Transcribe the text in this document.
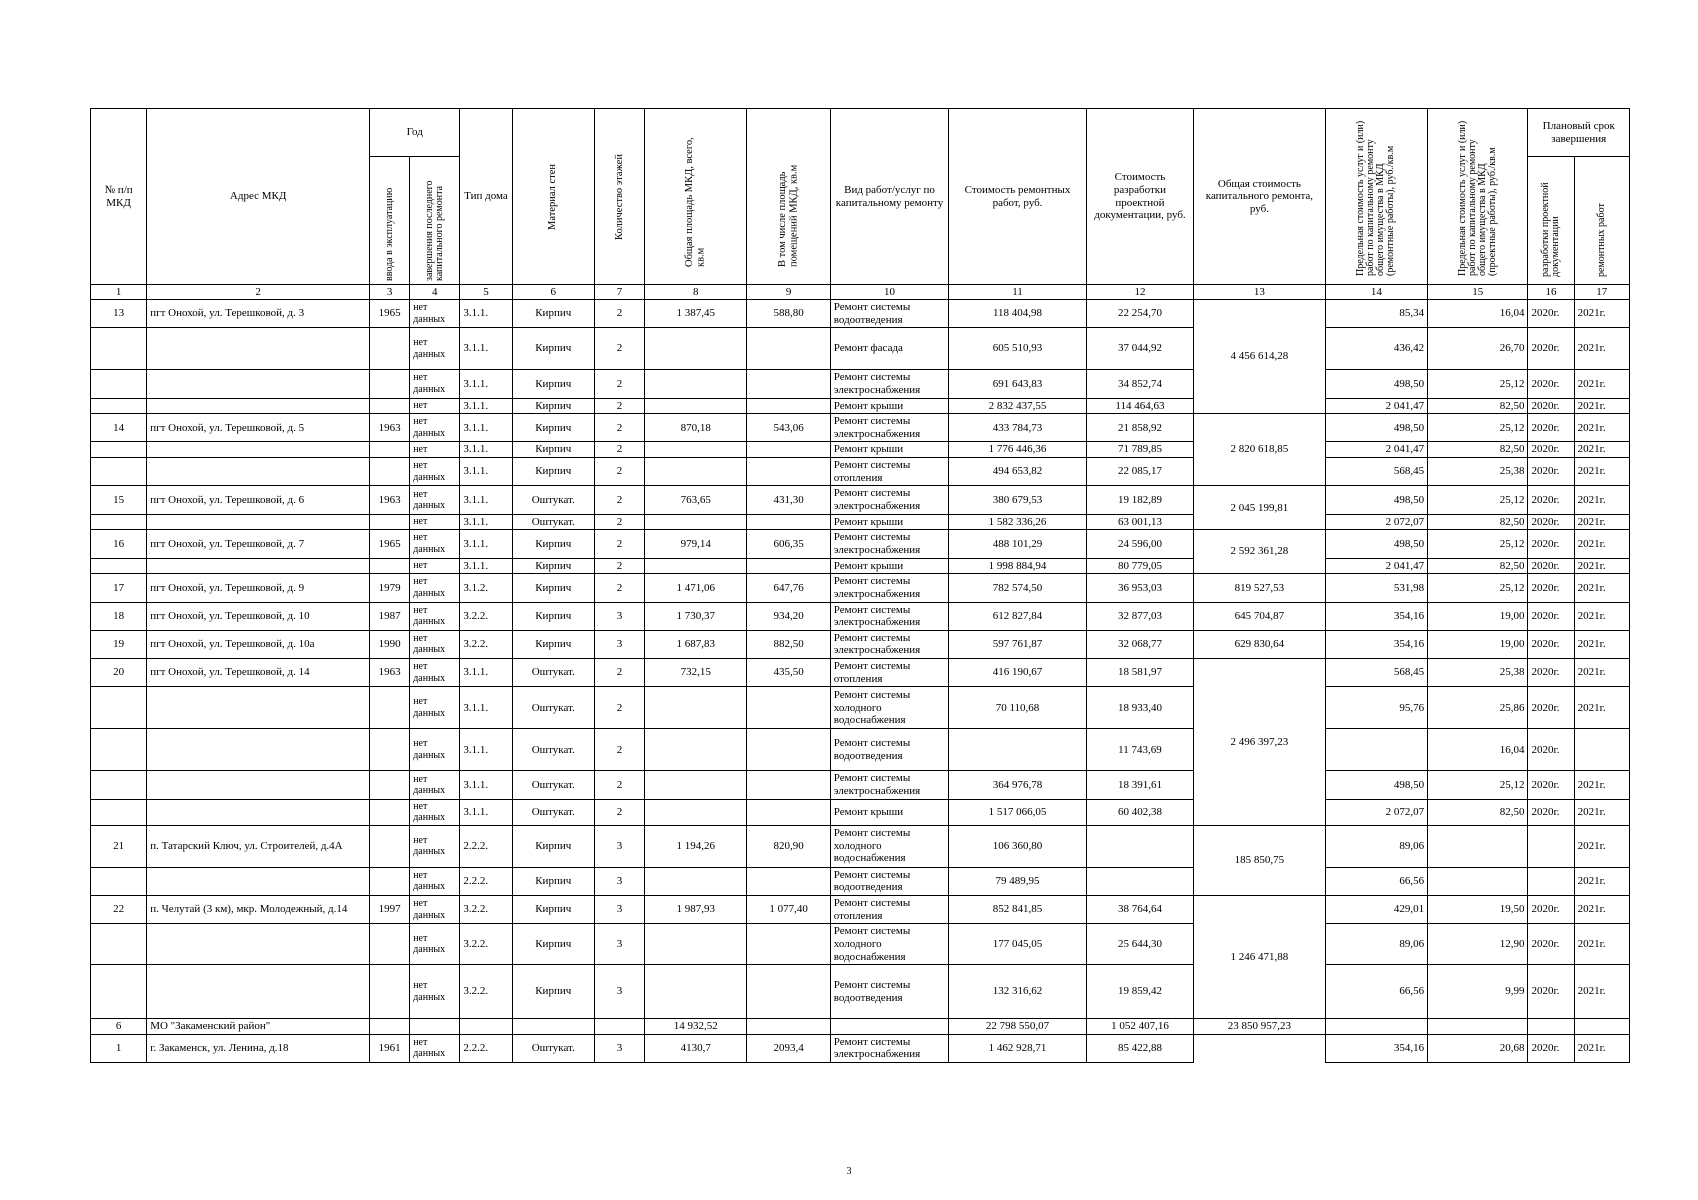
№ п/п МКД	Адрес МКД	Год		Тип дома	Материал стен	Количество этажей	Общая площадь МКД, всего, кв.м	В том числе площадь помещений МКД, кв.м	Вид работ/услуг по капитальному ремонту	Стоимость ремонтных работ, руб.	Стоимость разработки проектной документации, руб.	Общая стоимость капитального ремонта, руб.	Предельная стоимость услуг и (или) работ по капитальному ремонту общего имущества в МКД (ремонтные работы), руб./кв.м	Предельная стоимость услуг и (или) работ по капитальному ремонту общего имущества в МКД (проектные работы), руб./кв.м	Плановый срок завершения	

		ввода в эксплуатацию	завершения последнего капитального ремонта												разработки проектной документации	ремонтных работ

1	2	3	4	5	6	7	8	9	10	11	12	13	14	15	16	17
13	пгт Онохой, ул. Терешковой, д. 3	1965	нет данных	3.1.1.	Кирпич	2	1 387,45	588,80	Ремонт системы водоотведения	118 404,98	22 254,70	4 456 614,28	85,34	16,04	2020г.	2021г.
			нет данных	3.1.1.	Кирпич	2			Ремонт фасада	605 510,93	37 044,92		436,42	26,70	2020г.	2021г.
			нет данных	3.1.1.	Кирпич	2			Ремонт системы электроснабжения	691 643,83	34 852,74		498,50	25,12	2020г.	2021г.
			нет	3.1.1.	Кирпич	2			Ремонт крыши	2 832 437,55	114 464,63		2 041,47	82,50	2020г.	2021г.
14	пгт Онохой, ул. Терешковой, д. 5	1963	нет данных	3.1.1.	Кирпич	2	870,18	543,06	Ремонт системы электроснабжения	433 784,73	21 858,92	2 820 618,85	498,50	25,12	2020г.	2021г.
			нет	3.1.1.	Кирпич	2			Ремонт крыши	1 776 446,36	71 789,85		2 041,47	82,50	2020г.	2021г.
			нет данных	3.1.1.	Кирпич	2			Ремонт системы отопления	494 653,82	22 085,17		568,45	25,38	2020г.	2021г.
15	пгт Онохой, ул. Терешковой, д. 6	1963	нет данных	3.1.1.	Оштукат.	2	763,65	431,30	Ремонт системы электроснабжения	380 679,53	19 182,89	2 045 199,81	498,50	25,12	2020г.	2021г.
			нет	3.1.1.	Оштукат.	2			Ремонт крыши	1 582 336,26	63 001,13		2 072,07	82,50	2020г.	2021г.
16	пгт Онохой, ул. Терешковой, д. 7	1965	нет данных	3.1.1.	Кирпич	2	979,14	606,35	Ремонт системы электроснабжения	488 101,29	24 596,00	2 592 361,28	498,50	25,12	2020г.	2021г.
			нет	3.1.1.	Кирпич	2			Ремонт крыши	1 998 884,94	80 779,05		2 041,47	82,50	2020г.	2021г.
17	пгт Онохой, ул. Терешковой, д. 9	1979	нет данных	3.1.2.	Кирпич	2	1 471,06	647,76	Ремонт системы электроснабжения	782 574,50	36 953,03	819 527,53	531,98	25,12	2020г.	2021г.
18	пгт Онохой, ул. Терешковой, д. 10	1987	нет данных	3.2.2.	Кирпич	3	1 730,37	934,20	Ремонт системы электроснабжения	612 827,84	32 877,03	645 704,87	354,16	19,00	2020г.	2021г.
19	пгт Онохой, ул. Терешковой, д. 10а	1990	нет данных	3.2.2.	Кирпич	3	1 687,83	882,50	Ремонт системы электроснабжения	597 761,87	32 068,77	629 830,64	354,16	19,00	2020г.	2021г.
20	пгт Онохой, ул. Терешковой, д. 14	1963	нет данных	3.1.1.	Оштукат.	2	732,15	435,50	Ремонт системы отопления	416 190,67	18 581,97	2 496 397,23	568,45	25,38	2020г.	2021г.
			нет данных	3.1.1.	Оштукат.	2			Ремонт системы холодного водоснабжения	70 110,68	18 933,40		95,76	25,86	2020г.	2021г.
			нет данных	3.1.1.	Оштукат.	2			Ремонт системы водоотведения		11 743,69			16,04	2020г.	
			нет данных	3.1.1.	Оштукат.	2			Ремонт системы электроснабжения	364 976,78	18 391,61		498,50	25,12	2020г.	2021г.
			нет данных	3.1.1.	Оштукат.	2			Ремонт крыши	1 517 066,05	60 402,38		2 072,07	82,50	2020г.	2021г.
21	п. Татарский Ключ, ул. Строителей, д.4А		нет данных	2.2.2.	Кирпич	3	1 194,26	820,90	Ремонт системы холодного водоснабжения	106 360,80		185 850,75	89,06			2021г.
			нет данных	2.2.2.	Кирпич	3			Ремонт системы водоотведения	79 489,95			66,56			2021г.
22	п. Челутай (3 км), мкр. Молодежный, д.14	1997	нет данных	3.2.2.	Кирпич	3	1 987,93	1 077,40	Ремонт системы отопления	852 841,85	38 764,64	1 246 471,88	429,01	19,50	2020г.	2021г.
			нет данных	3.2.2.	Кирпич	3			Ремонт системы холодного водоснабжения	177 045,05	25 644,30		89,06	12,90	2020г.	2021г.
			нет данных	3.2.2.	Кирпич	3			Ремонт системы водоотведения	132 316,62	19 859,42		66,56	9,99	2020г.	2021г.
6	МО "Закаменский район"						14 932,52			22 798 550,07	1 052 407,16	23 850 957,23				
1	г. Закаменск, ул. Ленина, д.18	1961	нет данных	2.2.2.	Оштукат.	3	4130,7	2093,4	Ремонт системы электроснабжения	1 462 928,71	85 422,88		354,16	20,68	2020г.	2021г.
3
